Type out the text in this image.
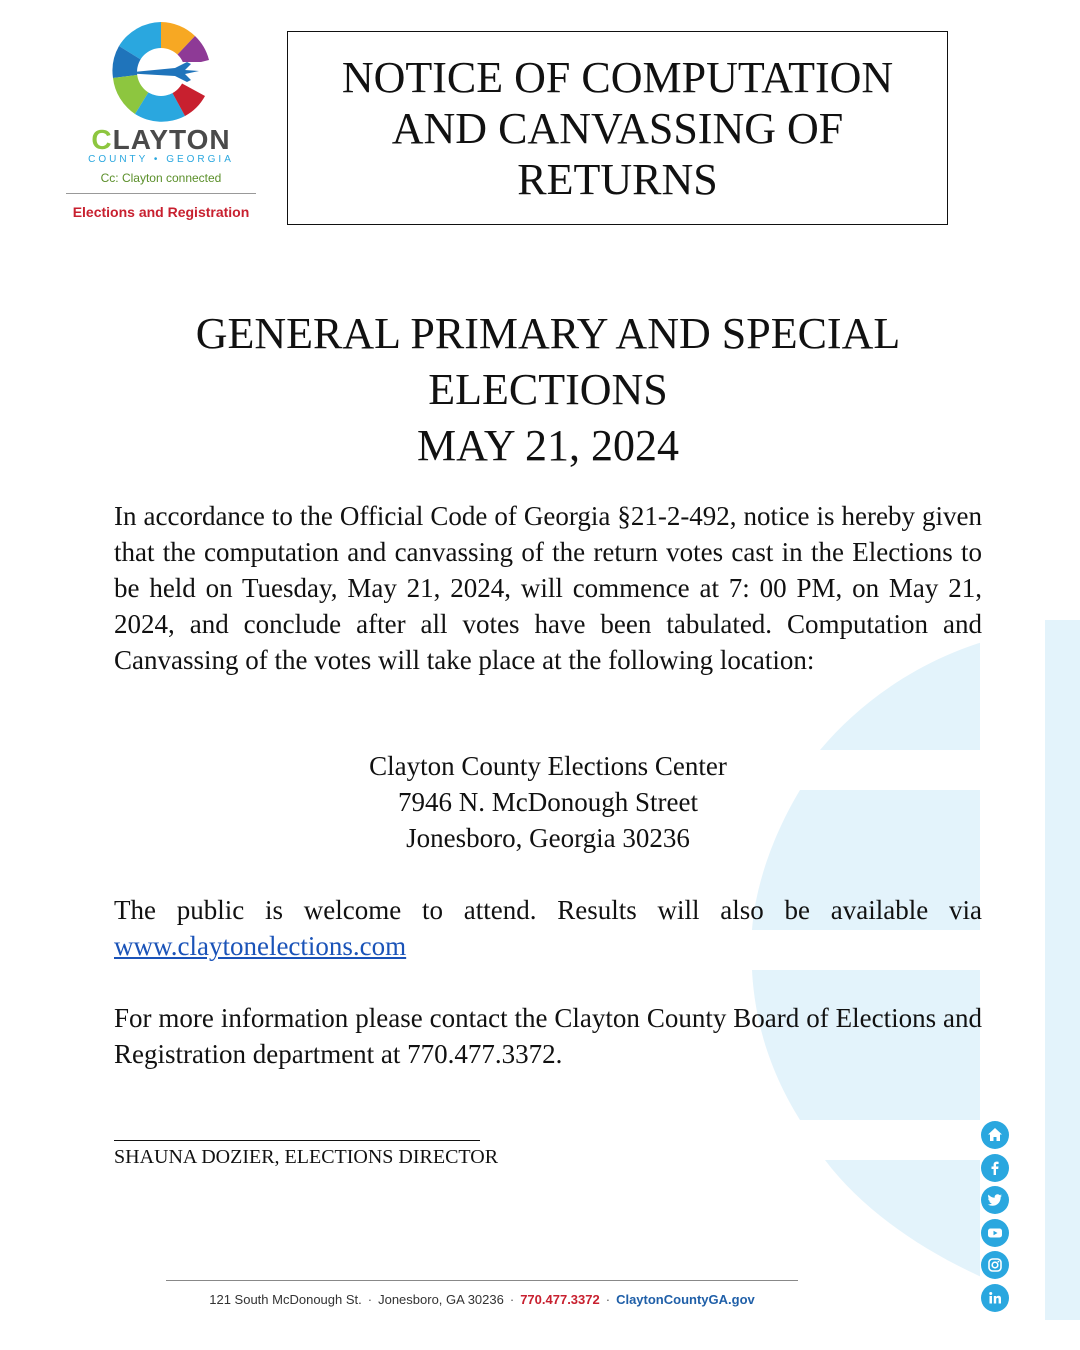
CLAYTON
COUNTY • GEORGIA
Cc: Clayton connected
Elections and Registration
NOTICE OF COMPUTATION AND CANVASSING OF RETURNS
GENERAL PRIMARY AND SPECIAL
ELECTIONS
MAY 21, 2024

In accordance to the Official Code of Georgia §21-2-492, notice is hereby given that the computation and canvassing of the return votes cast in the Elections to be held on Tuesday, May 21, 2024, will commence at 7: 00 PM, on May 21, 2024, and conclude after all votes have been tabulated. Computation and Canvassing of the votes will take place at the following location:

Clayton County Elections Center
7946 N. McDonough Street
Jonesboro, Georgia 30236

The public is welcome to attend. Results will also be available via www.claytonelections.com

For more information please contact the Clayton County Board of Elections and Registration department at 770.477.3372.

SHAUNA DOZIER, ELECTIONS DIRECTOR
121 South McDonough St. · Jonesboro, GA 30236 · 770.477.3372 · ClaytonCountyGA.gov
